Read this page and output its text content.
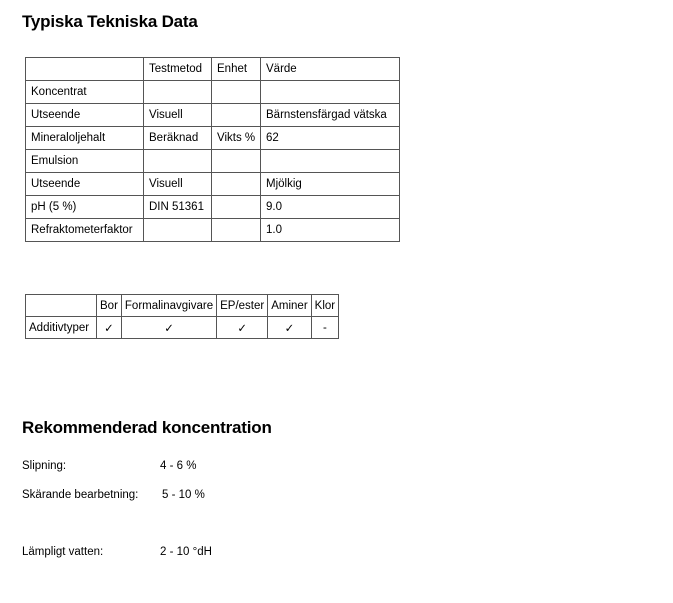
Typiska Tekniska Data
	Testmetod	Enhet	Värde
Koncentrat			
Utseende	Visuell		Bärnstensfärgad vätska
Mineraloljehalt	Beräknad	Vikts %	62
Emulsion			
Utseende	Visuell		Mjölkig
pH (5 %)	DIN 51361		9.0
Refraktometerfaktor			1.0
	Bor	Formalinavgivare	EP/ester	Aminer	Klor
Additivtyper	✓	✓	✓	✓	-
Rekommenderad koncentration
Slipning:	4 - 6 %
Skärande bearbetning: 5 - 10 %
Lämpligt vatten:	2 - 10 °dH
